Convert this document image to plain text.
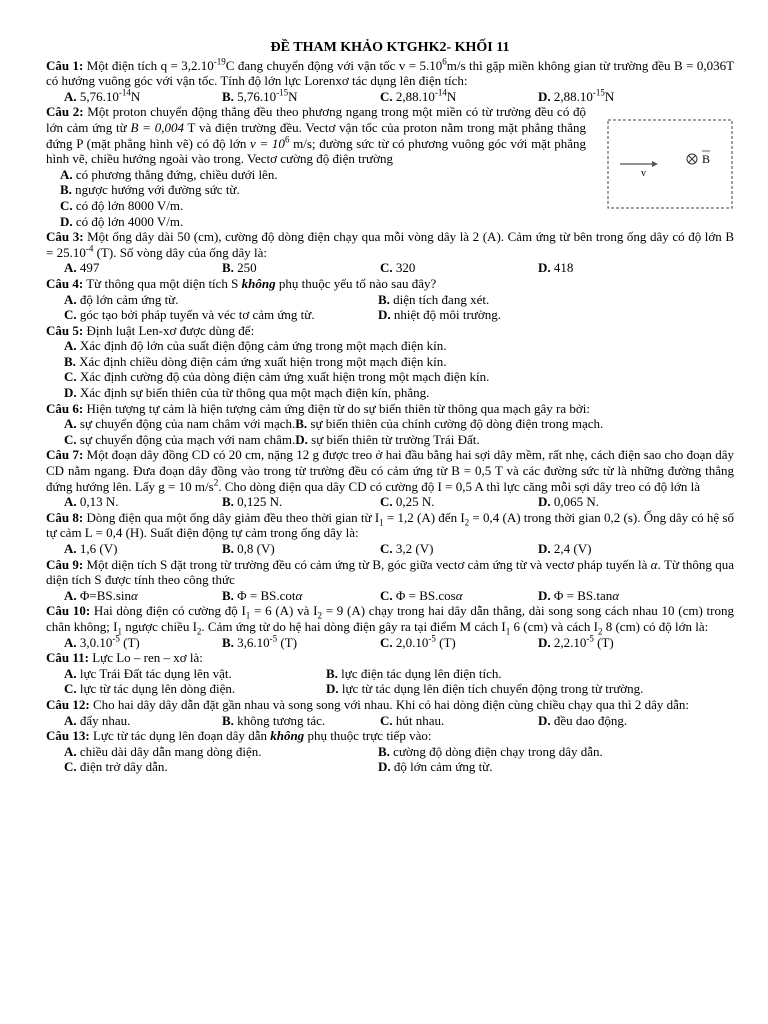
ĐỀ THAM KHẢO KTGHK2- KHỐI 11
Câu 1: Một điện tích $q = 3,2.10^{-19}C$ đang chuyển động với vận tốc $v = 5.10^6m/s$ thì gặp miền không gian từ trường đều B = 0,036T có hướng vuông góc với vận tốc. Tính độ lớn lực Lorenxơ tác dụng lên điện tích:
A. $5,76.10^{-14}N$	B. $5,76.10^{-15}N$	C. $2,88.10^{-14}N$	D. $2,88.10^{-15}N$
Câu 2: Một proton chuyển động thẳng đều theo phương ngang trong một miền có từ trường đều có độ lớn cảm ứng từ B = 0,004 T và điện trường đều. Vectơ vận tốc của proton nằm trong mặt phẳng thẳng đứng P (mặt phẳng hình vẽ) có độ lớn $v = 10^6$ m/s; đường sức từ có phương vuông góc với mặt phẳng hình vẽ, chiều hướng ngoài vào trong. Vectơ cường độ điện trường
v
B
A. có phương thẳng đứng, chiều dưới lên.
B. ngược hướng với đường sức từ.
C. có độ lớn 8000 V/m.
D. có độ lớn 4000 V/m.
Câu 3: Một ống dây dài 50 (cm), cường độ dòng điện chạy qua mỗi vòng dây là 2 (A). Cảm ứng từ bên trong ống dây có độ lớn $B = 25.10^{-4}$ (T). Số vòng dây của ống dây là:
A. 497	B. 250	C. 320	D. 418
Câu 4: Từ thông qua một diện tích S không phụ thuộc yếu tố nào sau đây?
A. độ lớn cảm ứng từ.	B. diện tích đang xét.
C. góc tạo bởi pháp tuyến và véc tơ cảm ứng từ.	D. nhiệt độ môi trường.
Câu 5: Định luật Len-xơ được dùng để:
A. Xác định độ lớn của suất điện động cảm ứng trong một mạch điện kín.
B. Xác định chiều dòng điện cảm ứng xuất hiện trong một mạch điện kín.
C. Xác định cường độ của dòng điện cảm ứng xuất hiện trong một mạch điện kín.
D. Xác định sự biến thiên của từ thông qua một mạch điện kín, phẳng.
Câu 6: Hiện tượng tự cảm là hiện tượng cảm ứng điện từ do sự biến thiên từ thông qua mạch gây ra bởi:
A. sự chuyển động của nam châm với mạch.B. sự biến thiên của chính cường độ dòng điện trong mạch.
C. sự chuyển động của mạch với nam châm.D. sự biến thiên từ trường Trái Đất.
Câu 7: Một đoạn dây đồng CD có 20 cm, nặng 12 g được treo ở hai đầu bằng hai sợi dây mềm, rất nhẹ, cách điện sao cho đoạn dây CD nằm ngang. Đưa đoạn dây đồng vào trong từ trường đều có cảm ứng từ B = 0,5 T và các đường sức từ là những đường thẳng đứng hướng lên. Lấy g = 10 $m/s^2$. Cho dòng điện qua dây CD có cường độ I = 0,5 A thì lực căng mỗi sợi dây treo có độ lớn là
A. 0,13 N.	B. 0,125 N.	C. 0,25 N.	D. 0,065 N.
Câu 8: Dòng điện qua một ống dây giảm đều theo thời gian từ $I_1 = 1,2$ (A) đến $I_2 = 0,4$ (A) trong thời gian 0,2 (s). Ống dây có hệ số tự cảm L = 0,4 (H). Suất điện động tự cảm trong ống dây là:
A. 1,6 (V)	B. 0,8 (V)	C. 3,2 (V)	D. 2,4 (V)
Câu 9: Một diện tích S đặt trong từ trường đều có cảm ứng từ B, góc giữa vectơ cảm ứng từ và vectơ pháp tuyến là α. Từ thông qua diện tích S được tính theo công thức
A. Φ=BS.sinα	B. Φ = BS.cotα	C. Φ = BS.cosα	D. Φ = BS.tanα
Câu 10: Hai dòng điện có cường độ $I_1 = 6$ (A) và $I_2 = 9$ (A) chạy trong hai dây dẫn thẳng, dài song song cách nhau 10 (cm) trong chân không; $I_1$ ngược chiều $I_2$. Cảm ứng từ do hệ hai dòng điện gây ra tại điểm M cách $I_1$ 6 (cm) và cách $I_2$ 8 (cm) có độ lớn là:
A. $3,0.10^{-5}$ (T)	B. $3,6.10^{-5}$ (T)	C. $2,0.10^{-5}$ (T)	D. $2,2.10^{-5}$ (T)
Câu 11: Lực Lo – ren – xơ là:
A. lực Trái Đất tác dụng lên vật.	B. lực điện tác dụng lên điện tích.
C. lực từ tác dụng lên dòng điện.	D. lực từ tác dụng lên điện tích chuyển động trong từ trường.
Câu 12: Cho hai dây dây dẫn đặt gần nhau và song song với nhau. Khi có hai dòng điện cùng chiều chạy qua thì 2 dây dẫn:
A. đẩy nhau.	B. không tương tác.	C. hút nhau.	D. đều dao động.
Câu 13: Lực từ tác dụng lên đoạn dây dẫn không phụ thuộc trực tiếp vào:
A. chiều dài dây dẫn mang dòng điện.	B. cường độ dòng điện chạy trong dây dẫn.
C. điện trở dây dẫn.	D. độ lớn cảm ứng từ.
